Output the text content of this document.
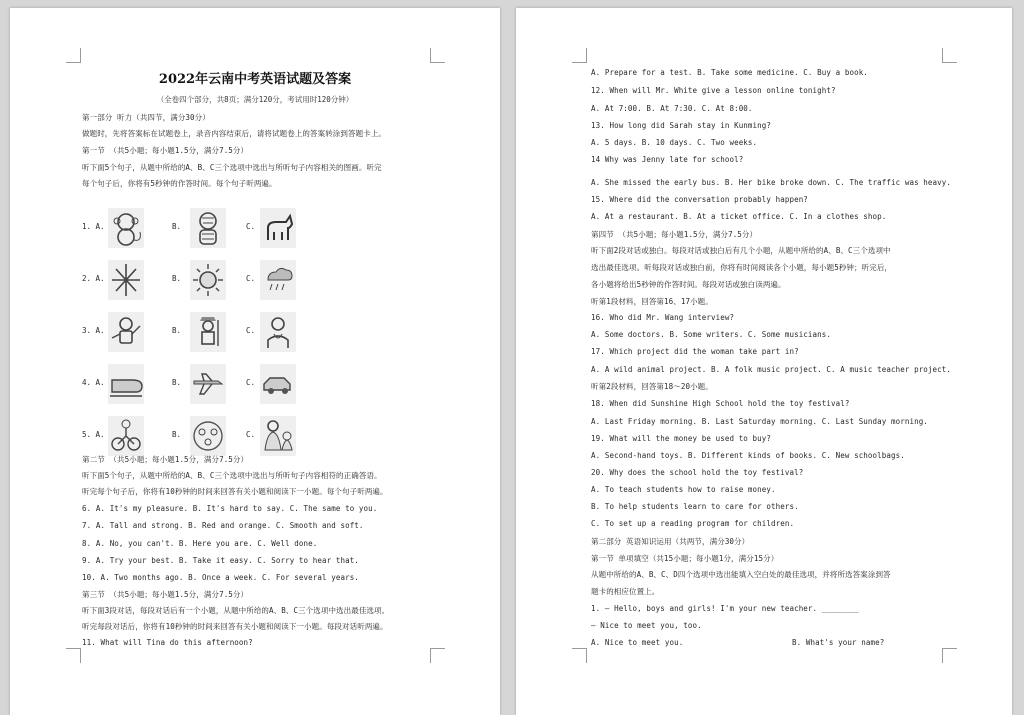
2022年云南中考英语试题及答案
（全卷四个部分，共8页；满分120分，考试用时120分钟）
第一部分 听力（共四节，满分30分）
做题时，先将答案标在试题卷上，录音内容结束后，请将试题卷上的答案转涂到答题卡上。
第一节 （共5小题；每小题1.5分，满分7.5分）
听下面5个句子，从题中所给的A、B、C三个选项中选出与所听句子内容相关的图画。听完
每个句子后，你将有5秒钟的作答时间。每个句子听两遍。
1. A.	B.	C.
2. A.	B.	C.
3. A.	B.	C.
4. A.	B.	C.
5. A.	B.	C.
第二节 （共5小题；每小题1.5分，满分7.5分）
听下面5个句子，从题中所给的A、B、C三个选项中选出与所听句子内容相符的正确答语。
听完每个句子后，你将有10秒钟的时间来回答有关小题和阅读下一小题。每个句子听两遍。
6. A. It's my pleasure. B. It's hard to say. C. The same to you.
7. A. Tall and strong. B. Red and orange. C. Smooth and soft.
8. A. No, you can't. B. Here you are. C. Well done.
9. A. Try your best. B. Take it easy. C. Sorry to hear that.
10. A. Two months ago. B. Once a week. C. For several years.
第三节 （共5小题；每小题1.5分，满分7.5分）
听下面3段对话，每段对话后有一个小题，从题中所给的A、B、C三个选项中选出最佳选项。
听完每段对话后，你将有10秒钟的时间来回答有关小题和阅读下一小题。每段对话听两遍。
11. What will Tina do this afternoon?
A. Prepare for a test. B. Take some medicine. C. Buy a book.
12. When will Mr. White give a lesson online tonight?
A. At 7:00. B. At 7:30. C. At 8:00.
13. How long did Sarah stay in Kunming?
A. 5 days. B. 10 days. C. Two weeks.
14 Why was Jenny late for school?
A. She missed the early bus. B. Her bike broke down. C. The traffic was heavy.
15. Where did the conversation probably happen?
A. At a restaurant. B. At a ticket office. C. In a clothes shop.
第四节 （共5小题；每小题1.5分，满分7.5分）
听下面2段对话或独白。每段对话或独白后有几个小题，从题中所给的A、B、C三个选项中
选出最佳选项。听每段对话或独白前，你将有时间阅读各个小题，每小题5秒钟；听完后，
各小题将给出5秒钟的作答时间。每段对话或独白读两遍。
听第1段材料，回答第16、17小题。
16. Who did Mr. Wang interview?
A. Some doctors. B. Some writers. C. Some musicians.
17. Which project did the woman take part in?
A. A wild animal project. B. A folk music project. C. A music teacher project.
听第2段材料，回答第18～20小题。
18. When did Sunshine High School hold the toy festival?
A. Last Friday morning. B. Last Saturday morning. C. Last Sunday morning.
19. What will the money be used to buy?
A. Second-hand toys. B. Different kinds of books. C. New schoolbags.
20. Why does the school hold the toy festival?
A. To teach students how to raise money.
B. To help students learn to care for others.
C. To set up a reading program for children.
第二部分 英语知识运用（共两节，满分30分）
第一节 单项填空（共15小题；每小题1分，满分15分）
从题中所给的A、B、C、D四个选项中选出能填入空白处的最佳选项，并将所选答案涂到答
题卡的相应位置上。
1. — Hello, boys and girls! I'm your new teacher. ________
— Nice to meet you, too.
A. Nice to meet you.	B. What's your name?
